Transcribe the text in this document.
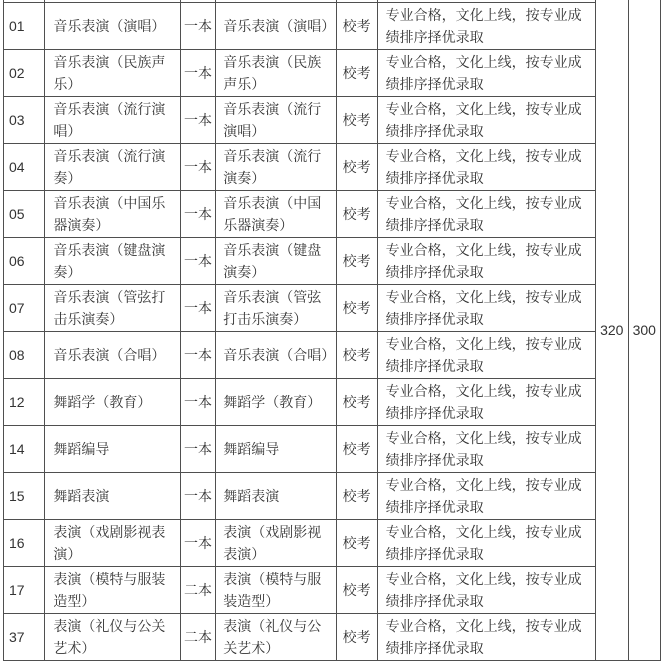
						320	300
01	音乐表演（演唱）	一本	音乐表演（演唱）	校考	专业合格，文化上线，按专业成绩排序择优录取		
02	音乐表演（民族声乐）	一本	音乐表演（民族声乐）	校考	专业合格，文化上线，按专业成绩排序择优录取		
03	音乐表演（流行演唱）	一本	音乐表演（流行演唱）	校考	专业合格，文化上线，按专业成绩排序择优录取		
04	音乐表演（流行演奏）	一本	音乐表演（流行演奏）	校考	专业合格，文化上线，按专业成绩排序择优录取		
05	音乐表演（中国乐器演奏）	一本	音乐表演（中国乐器演奏）	校考	专业合格，文化上线，按专业成绩排序择优录取		
06	音乐表演（键盘演奏）	一本	音乐表演（键盘演奏）	校考	专业合格，文化上线，按专业成绩排序择优录取		
07	音乐表演（管弦打击乐演奏）	一本	音乐表演（管弦打击乐演奏）	校考	专业合格，文化上线，按专业成绩排序择优录取		
08	音乐表演（合唱）	一本	音乐表演（合唱）	校考	专业合格，文化上线，按专业成绩排序择优录取		
12	舞蹈学（教育）	一本	舞蹈学（教育）	校考	专业合格，文化上线，按专业成绩排序择优录取		
14	舞蹈编导	一本	舞蹈编导	校考	专业合格，文化上线，按专业成绩排序择优录取		
15	舞蹈表演	一本	舞蹈表演	校考	专业合格，文化上线，按专业成绩排序择优录取		
16	表演（戏剧影视表演）	一本	表演（戏剧影视表演）	校考	专业合格，文化上线，按专业成绩排序择优录取		
17	表演（模特与服装造型）	二本	表演（模特与服装造型）	校考	专业合格，文化上线，按专业成绩排序择优录取		
37	表演（礼仪与公关艺术）	二本	表演（礼仪与公关艺术）	校考	专业合格，文化上线，按专业成绩排序择优录取		
